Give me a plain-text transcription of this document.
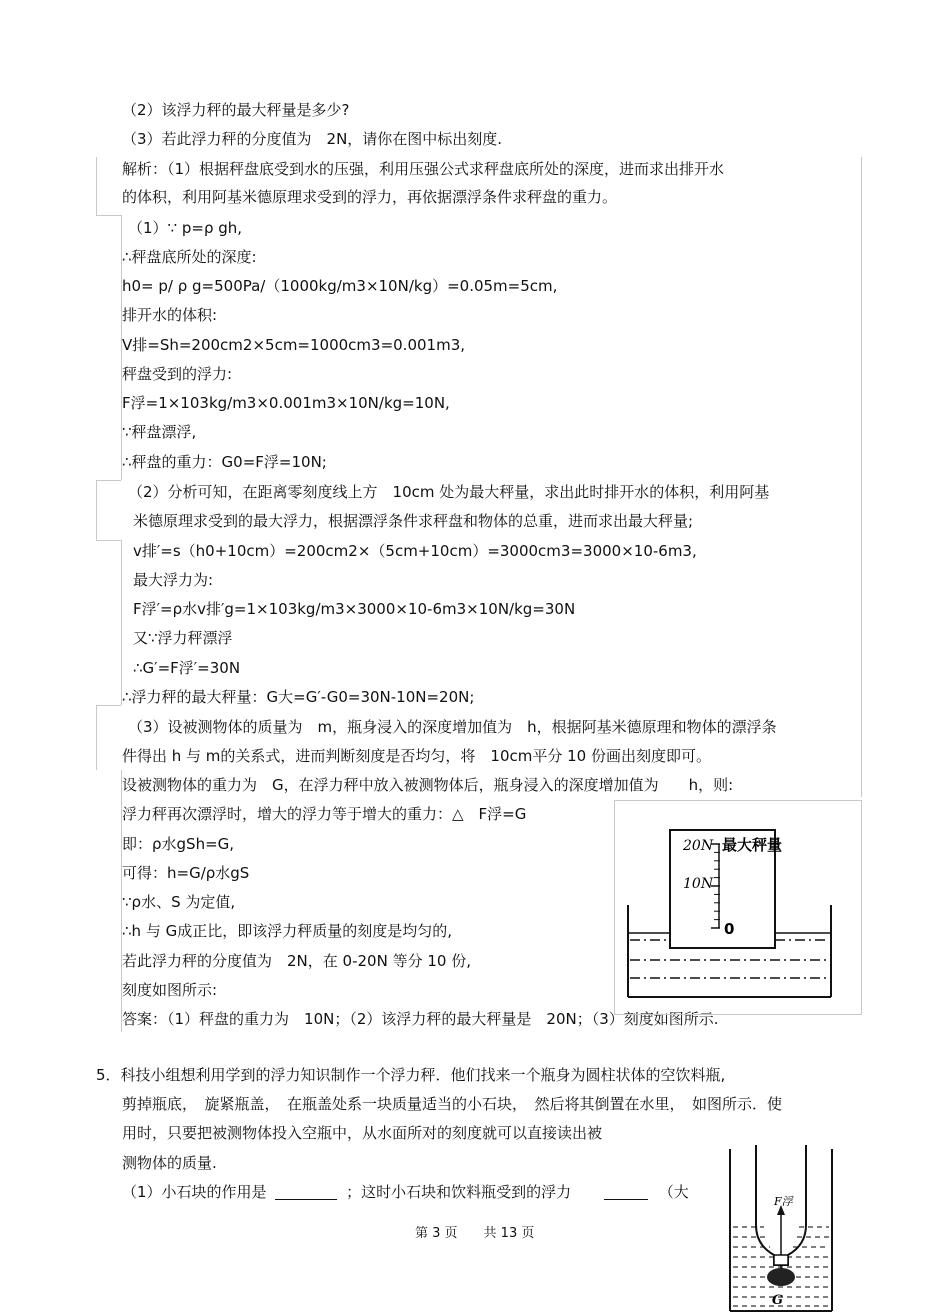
（2）该浮力秤的最大秤量是多少?
（3）若此浮力秤的分度值为　2N，请你在图中标出刻度.
解析：（1）根据秤盘底受到水的压强，利用压强公式求秤盘底所处的深度，进而求出排开水
的体积，利用阿基米德原理求受到的浮力，再依据漂浮条件求秤盘的重力。
（1）∵ p=ρ gh,
∴秤盘底所处的深度:
h0= p/ ρ g=500Pa/（1000kg/m3×10N/kg）=0.05m=5cm,
排开水的体积:
V排=Sh=200cm2×5cm=1000cm3=0.001m3,
秤盘受到的浮力:
F浮=1×103kg/m3×0.001m3×10N/kg=10N,
∵秤盘漂浮,
∴秤盘的重力：G0=F浮=10N;
（2）分析可知，在距离零刻度线上方　10cm 处为最大秤量，求出此时排开水的体积，利用阿基
米德原理求受到的最大浮力，根据漂浮条件求秤盘和物体的总重，进而求出最大秤量;
v排′=s（h0+10cm）=200cm2×（5cm+10cm）=3000cm3=3000×10-6m3,
最大浮力为:
F浮′=ρ水v排′g=1×103kg/m3×3000×10-6m3×10N/kg=30N
又∵浮力秤漂浮
∴G′=F浮′=30N
∴浮力秤的最大秤量：G大=G′-G0=30N-10N=20N;
（3）设被测物体的质量为　m，瓶身浸入的深度增加值为　h，根据阿基米德原理和物体的漂浮条
件得出 h 与 m的关系式，进而判断刻度是否均匀，将　10cm平分 10 份画出刻度即可。
设被测物体的重力为　G，在浮力秤中放入被测物体后，瓶身浸入的深度增加值为　　h，则:
浮力秤再次漂浮时，增大的浮力等于增大的重力：△　F浮=G
即：ρ水gSh=G,
可得：h=G/ρ水gS
∵ρ水、S 为定值,
∴h 与 G成正比，即该浮力秤质量的刻度是均匀的,
若此浮力秤的分度值为　2N，在 0-20N 等分 10 份,
刻度如图所示:
答案：（1）秤盘的重力为　10N；（2）该浮力秤的最大秤量是　20N；（3）刻度如图所示.
20N 最大秤量
10N
0
5．科技小组想利用学到的浮力知识制作一个浮力秤．他们找来一个瓶身为圆柱状体的空饮料瓶,
剪掉瓶底，　旋紧瓶盖，　在瓶盖处系一块质量适当的小石块，　然后将其倒置在水里，　如图所示．使
用时，只要把被测物体投入空瓶中，从水面所对的刻度就可以直接读出被
测物体的质量.
（1）小石块的作用是	；这时小石块和饮料瓶受到的浮力	（大
第 3 页　　共 13 页
F浮
G
